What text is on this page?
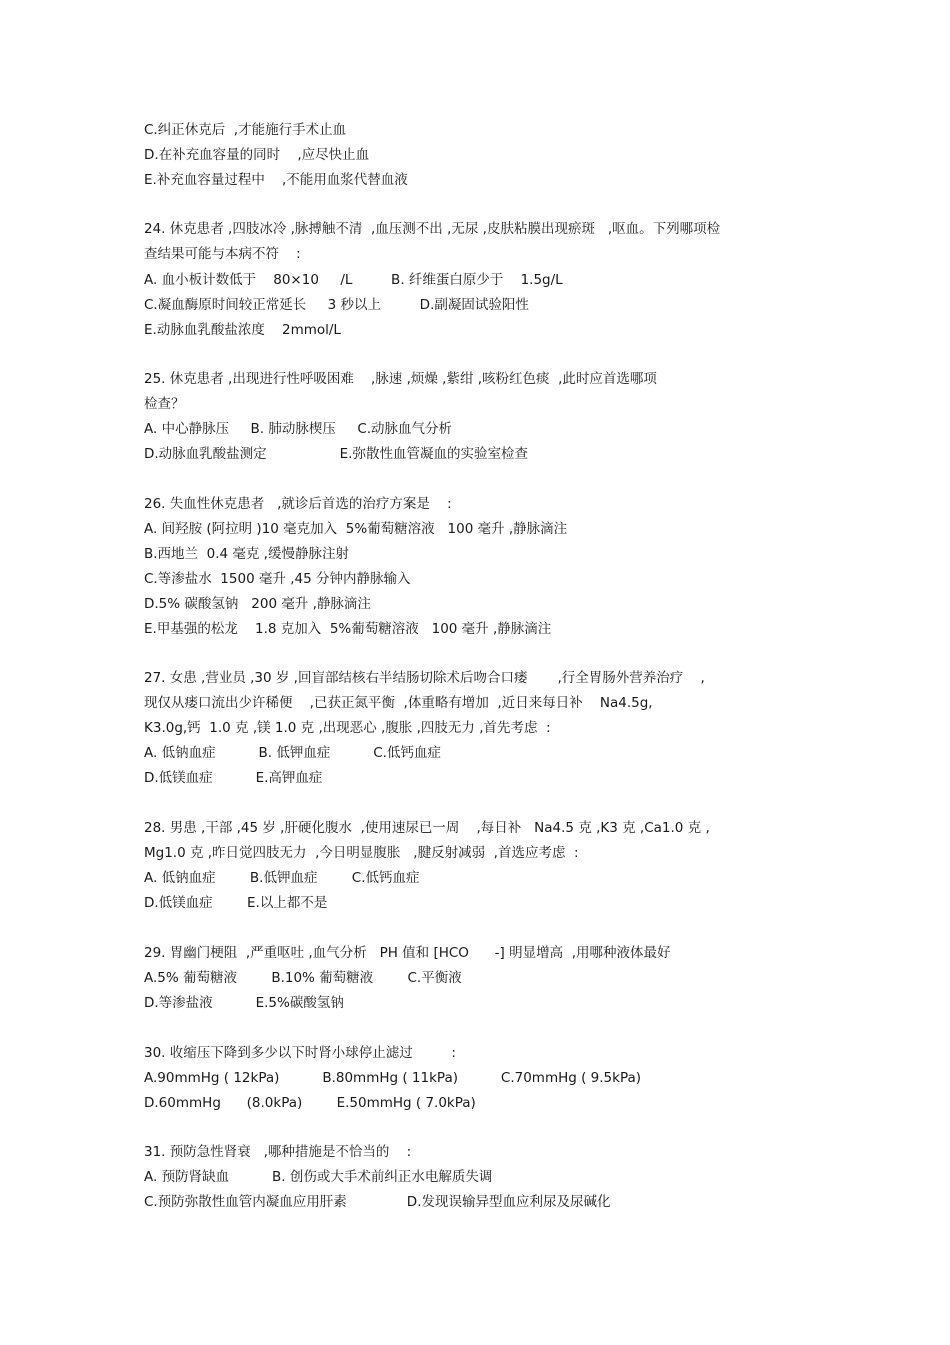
C.纠正休克后  ,才能施行手术止血
D.在补充血容量的同时    ,应尽快止血
E.补充血容量过程中    ,不能用血浆代替血液
24. 休克患者 ,四肢冰冷 ,脉搏触不清  ,血压测不出 ,无尿 ,皮肤粘膜出现瘀斑   ,呕血。下列哪项检
查结果可能与本病不符    :
A. 血小板计数低于    80×10     /L         B. 纤维蛋白原少于    1.5g/L
C.凝血酶原时间较正常延长     3 秒以上         D.副凝固试验阳性
E.动脉血乳酸盐浓度    2mmol/L
25. 休克患者 ,出现进行性呼吸困难    ,脉速 ,烦燥 ,紫绀 ,咳粉红色痰  ,此时应首选哪项
检查？
A. 中心静脉压     B. 肺动脉楔压     C.动脉血气分析
D.动脉血乳酸盐测定                 E.弥散性血管凝血的实验室检查
26. 失血性休克患者   ,就诊后首选的治疗方案是    :
A. 间羟胺 (阿拉明 )10 毫克加入  5%葡萄糖溶液   100 毫升 ,静脉滴注
B.西地兰  0.4 毫克 ,缓慢静脉注射
C.等渗盐水  1500 毫升 ,45 分钟内静脉输入
D.5% 碳酸氢钠   200 毫升 ,静脉滴注
E.甲基强的松龙    1.8 克加入  5%葡萄糖溶液   100 毫升 ,静脉滴注
27. 女患 ,营业员 ,30 岁 ,回盲部结核右半结肠切除术后吻合口瘘       ,行全胃肠外营养治疗    ,
现仅从瘘口流出少许稀便    ,已获正氮平衡  ,体重略有增加  ,近日来每日补    Na4.5g,
K3.0g,钙  1.0 克 ,镁 1.0 克 ,出现恶心 ,腹胀 ,四肢无力 ,首先考虑  :
A. 低钠血症          B. 低钾血症          C.低钙血症
D.低镁血症          E.高钾血症
28. 男患 ,干部 ,45 岁 ,肝硬化腹水  ,使用速尿已一周    ,每日补   Na4.5 克 ,K3 克 ,Ca1.0 克 ,
Mg1.0 克 ,昨日觉四肢无力  ,今日明显腹胀   ,腱反射减弱  ,首选应考虑  :
A. 低钠血症        B.低钾血症        C.低钙血症
D.低镁血症        E.以上都不是
29. 胃幽门梗阻  ,严重呕吐 ,血气分析   PH 值和 [HCO      -] 明显增高  ,用哪种液体最好
A.5% 葡萄糖液        B.10% 葡萄糖液        C.平衡液
D.等渗盐液          E.5%碳酸氢钠
30. 收缩压下降到多少以下时肾小球停止滤过         :
A.90mmHg ( 12kPa)          B.80mmHg ( 11kPa)          C.70mmHg ( 9.5kPa)
D.60mmHg      (8.0kPa)        E.50mmHg ( 7.0kPa)
31. 预防急性肾衰   ,哪种措施是不恰当的    :
A. 预防肾缺血          B. 创伤或大手术前纠正水电解质失调
C.预防弥散性血管内凝血应用肝素              D.发现误输异型血应利尿及尿碱化
